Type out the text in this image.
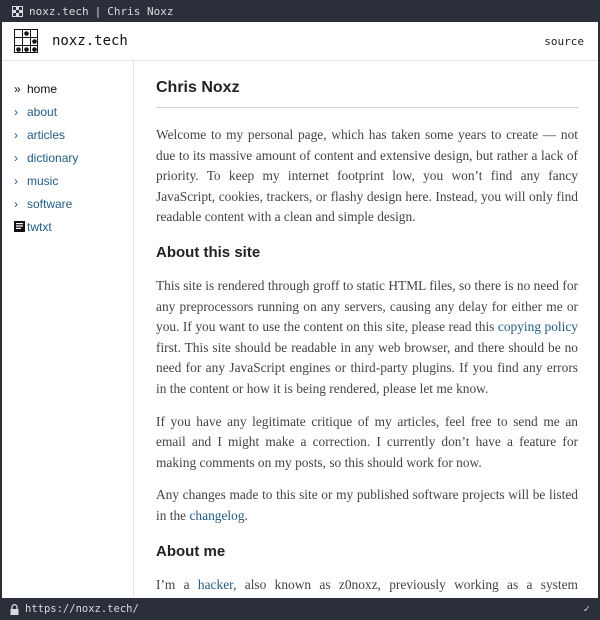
noxz.tech | Chris Noxz
noxz.tech	source
» home
› about
› articles
› dictionary
› music
› software
twtxt
Chris Noxz

Welcome to my personal page, which has taken some years to create — not due to its massive amount of content and extensive design, but rather a lack of priority. To keep my internet footprint low, you won’t find any fancy JavaScript, cookies, trackers, or flashy design here. Instead, you will only find readable content with a clean and simple design.

About this site

This site is rendered through groff to static HTML files, so there is no need for any preprocessors running on any servers, causing any delay for either me or you. If you want to use the content on this site, please read this copying policy first. This site should be readable in any web browser, and there should be no need for any JavaScript engines or third-party plugins. If you find any errors in the content or how it is being rendered, please let me know.

If you have any legitimate critique of my articles, feel free to send me an email and I might make a correction. I currently don’t have a feature for making comments on my posts, so this should work for now.

Any changes made to this site or my published software projects will be listed in the changelog.

About me

I’m a hacker, also known as z0noxz, previously working as a system

https://noxz.tech/	✓
